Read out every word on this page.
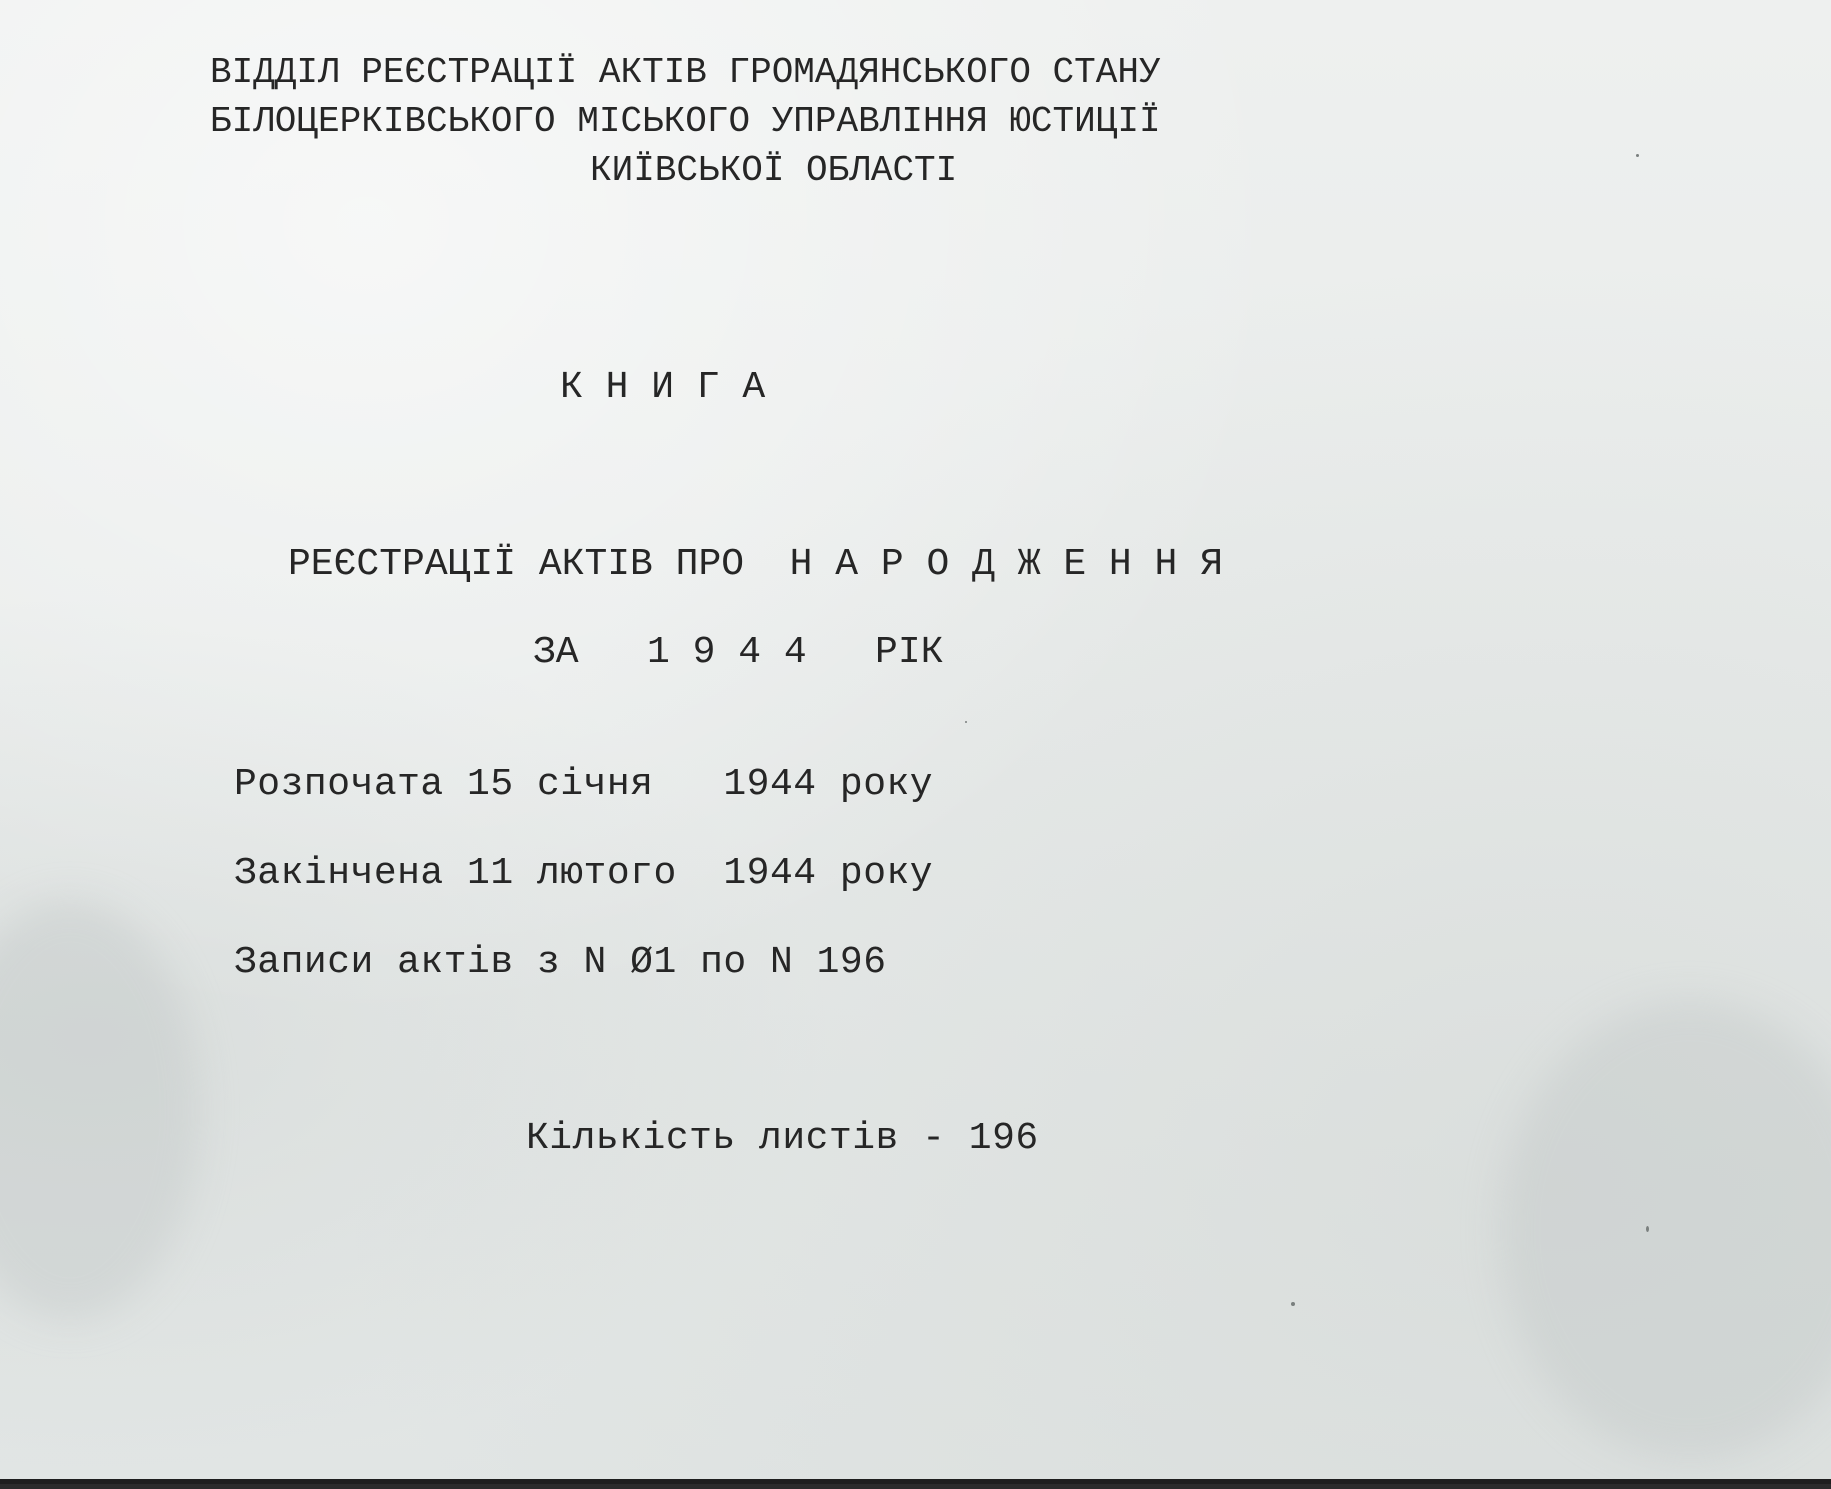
ВІДДІЛ РЕЄСТРАЦІЇ АКТІВ ГРОМАДЯНСЬКОГО СТАНУ

БІЛОЦЕРКІВСЬКОГО МІСЬКОГО УПРАВЛІННЯ ЮСТИЦІЇ

КИЇВСЬКОЇ ОБЛАСТІ

К Н И Г А

РЕЄСТРАЦІЇ АКТІВ ПРО  Н А Р О Д Ж Е Н Н Я

ЗА   1 9 4 4   РІК

Розпочата 15 січня   1944 року

Закінчена 11 лютого  1944 року

Записи актів з N Ø1 по N 196

Кількість листів - 196
